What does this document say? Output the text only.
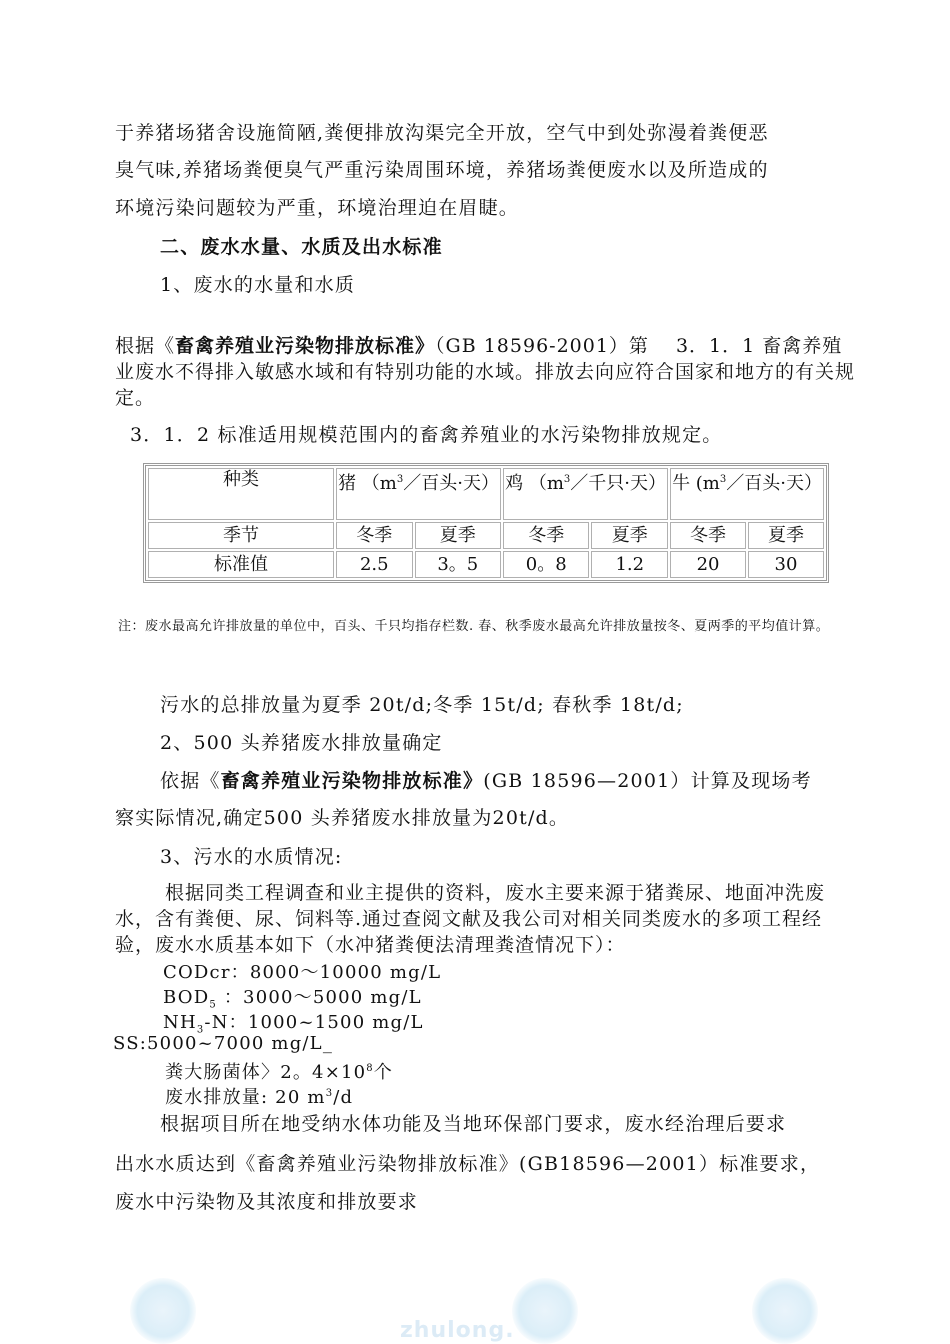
于养猪场猪舍设施简陋,粪便排放沟渠完全开放，空气中到处弥漫着粪便恶
臭气味,养猪场粪便臭气严重污染周围环境，养猪场粪便废水以及所造成的
环境污染问题较为严重，环境治理迫在眉睫。
二、废水水量、水质及出水标准
1、废水的水量和水质
根据《畜禽养殖业污染物排放标准》（GB 18596-2001）第　 3．1．1 畜禽养殖业废水不得排入敏感水域和有特别功能的水域。排放去向应符合国家和地方的有关规定。
3．1．2 标准适用规模范围内的畜禽养殖业的水污染物排放规定。
种类	猪 （$m^3/$百头·天）		鸡 （$m^3/$千只·天）		牛 ($m^3/$百头·天）	
季节	冬季	夏季	冬季	夏季	冬季	夏季
标准值	2.5	3。5	0。8	1.2	20	30
注：废水最高允许排放量的单位中，百头、千只均指存栏数. 春、秋季废水最高允许排放量按冬、夏两季的平均值计算。
污水的总排放量为夏季 20t/d;冬季 15t/d; 春秋季 18t/d;
2、500 头养猪废水排放量确定
依据《畜禽养殖业污染物排放标准》(GB 18596—2001）计算及现场考
察实际情况,确定500 头养猪废水排放量为20t/d。
3、污水的水质情况:
根据同类工程调查和业主提供的资料，废水主要来源于猪粪尿、地面冲洗废水，含有粪便、尿、饲料等.通过查阅文献及我公司对相关同类废水的多项工程经验，废水水质基本如下（水冲猪粪便法清理粪渣情况下）：
CODcr：8000～10000 mg/L
$BOD_5$ ：3000～5000 mg/L
$NH_3-N$：1000~1500 mg/L
SS:5000~7000 mg/L_
粪大肠菌体〉2。$4\times 10^8$个
废水排放量: 20 $m^3/d$
根据项目所在地受纳水体功能及当地环保部门要求，废水经治理后要求
出水水质达到《畜禽养殖业污染物排放标准》(GB18596—2001）标准要求，
废水中污染物及其浓度和排放要求
zhulong.
